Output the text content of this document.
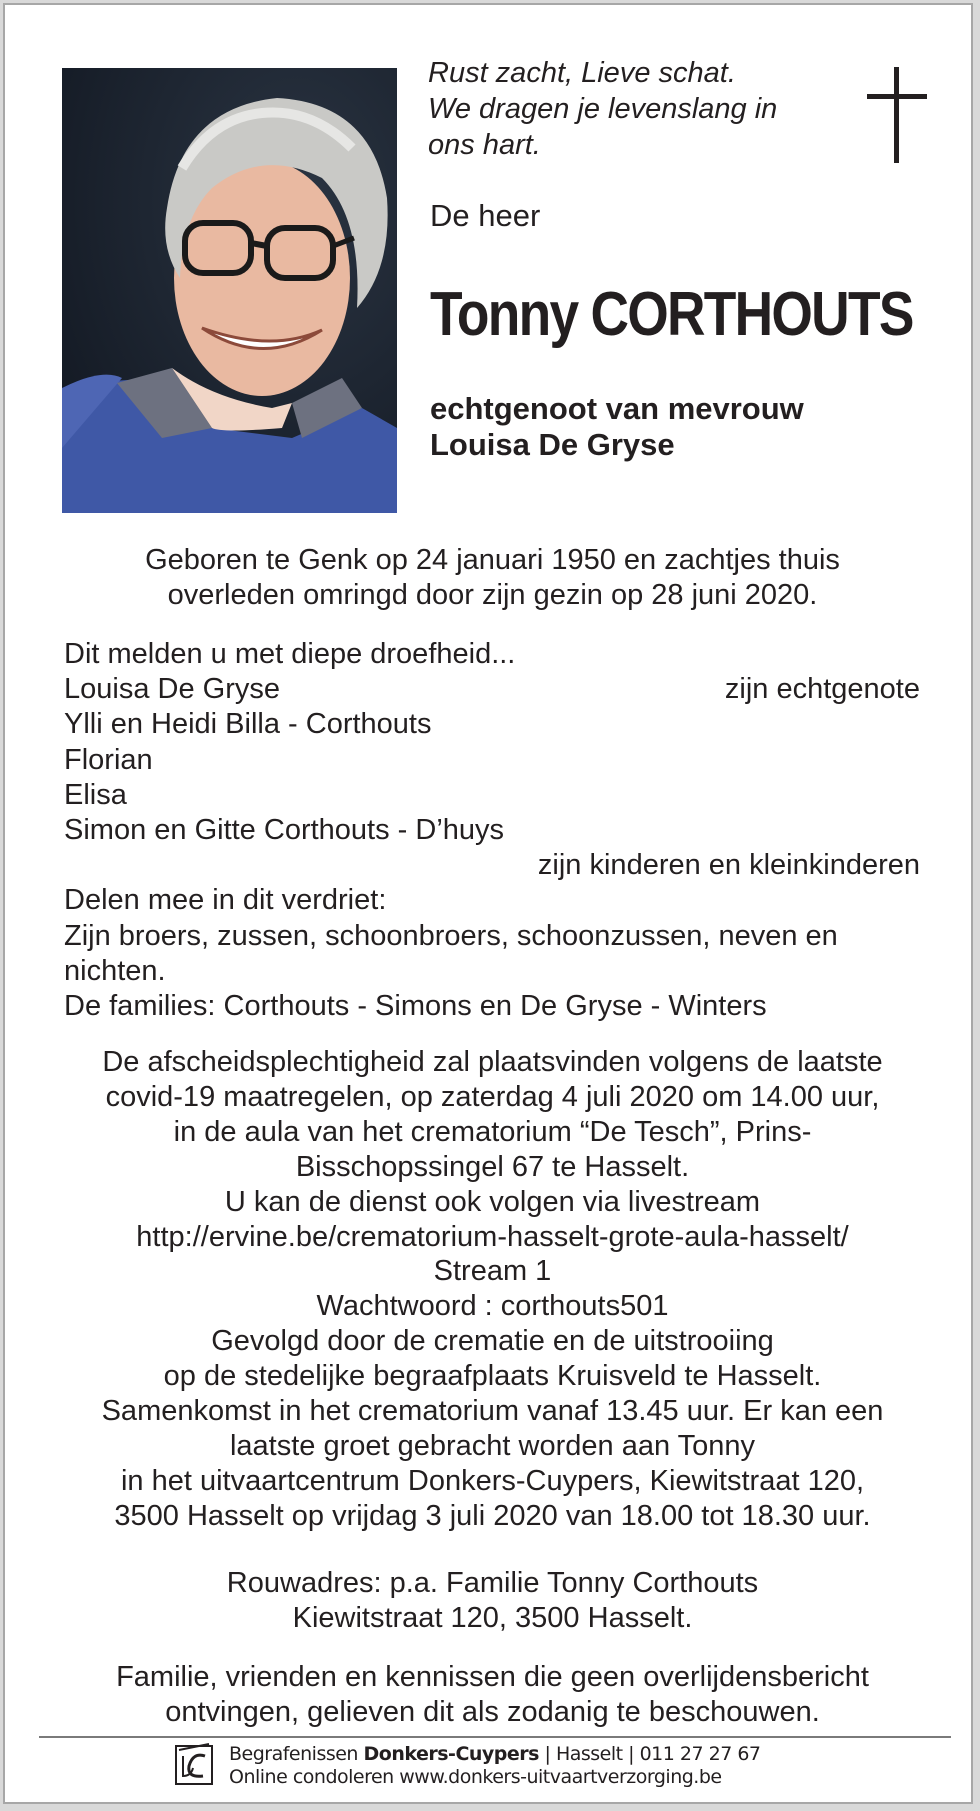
Rust zacht, Lieve schat.
We dragen je levenslang in
ons hart.
De heer
Tonny CORTHOUTS
echtgenoot van mevrouw
Louisa De Gryse
Geboren te Genk op 24 januari 1950 en zachtjes thuis
overleden omringd door zijn gezin op 28 juni 2020.
Dit melden u met diepe droefheid...
Louisa De Gryse	zijn echtgenote
Ylli en Heidi Billa - Corthouts
Florian
Elisa
Simon en Gitte Corthouts - D’huys
zijn kinderen en kleinkinderen
Delen mee in dit verdriet:
Zijn broers, zussen, schoonbroers, schoonzussen, neven en
nichten.
De families: Corthouts - Simons en De Gryse - Winters
De afscheidsplechtigheid zal plaatsvinden volgens de laatste
covid-19 maatregelen, op zaterdag 4 juli 2020 om 14.00 uur,
in de aula van het crematorium “De Tesch”, Prins-
Bisschopssingel 67 te Hasselt.
U kan de dienst ook volgen via livestream
http://ervine.be/crematorium-hasselt-grote-aula-hasselt/
Stream 1
Wachtwoord : corthouts501
Gevolgd door de crematie en de uitstrooiing
op de stedelijke begraafplaats Kruisveld te Hasselt.
Samenkomst in het crematorium vanaf 13.45 uur. Er kan een
laatste groet gebracht worden aan Tonny
in het uitvaartcentrum Donkers-Cuypers, Kiewitstraat 120,
3500 Hasselt op vrijdag 3 juli 2020 van 18.00 tot 18.30 uur.
Rouwadres: p.a. Familie Tonny Corthouts
Kiewitstraat 120, 3500 Hasselt.
Familie, vrienden en kennissen die geen overlijdensbericht
ontvingen, gelieven dit als zodanig te beschouwen.
Begrafenissen Donkers-Cuypers | Hasselt | 011 27 27 67
Online condoleren www.donkers-uitvaartverzorging.be
